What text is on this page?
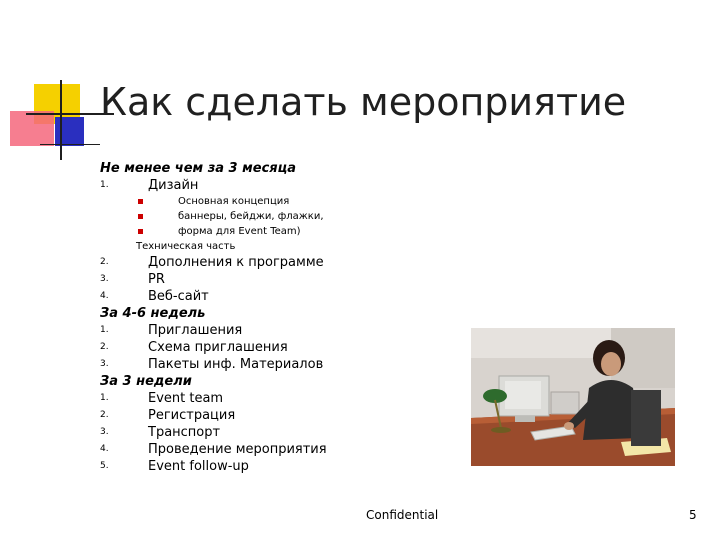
Как сделать мероприятие
Не менее чем за 3 месяца
1.	Дизайн
Основная концепция
баннеры, бейджи, флажки,
форма для Event Team)
Техническая часть
2.	Дополнения к программе
3.	PR
4.	Веб-сайт
За 4-6 недель
1.	Приглашения
2.	Схема приглашения
3.	Пакеты инф. Материалов
За 3 недели
1.	Event team
2.	Регистрация
3.	Транспорт
4.	Проведение мероприятия
5.	Event follow-up
Confidential	5
